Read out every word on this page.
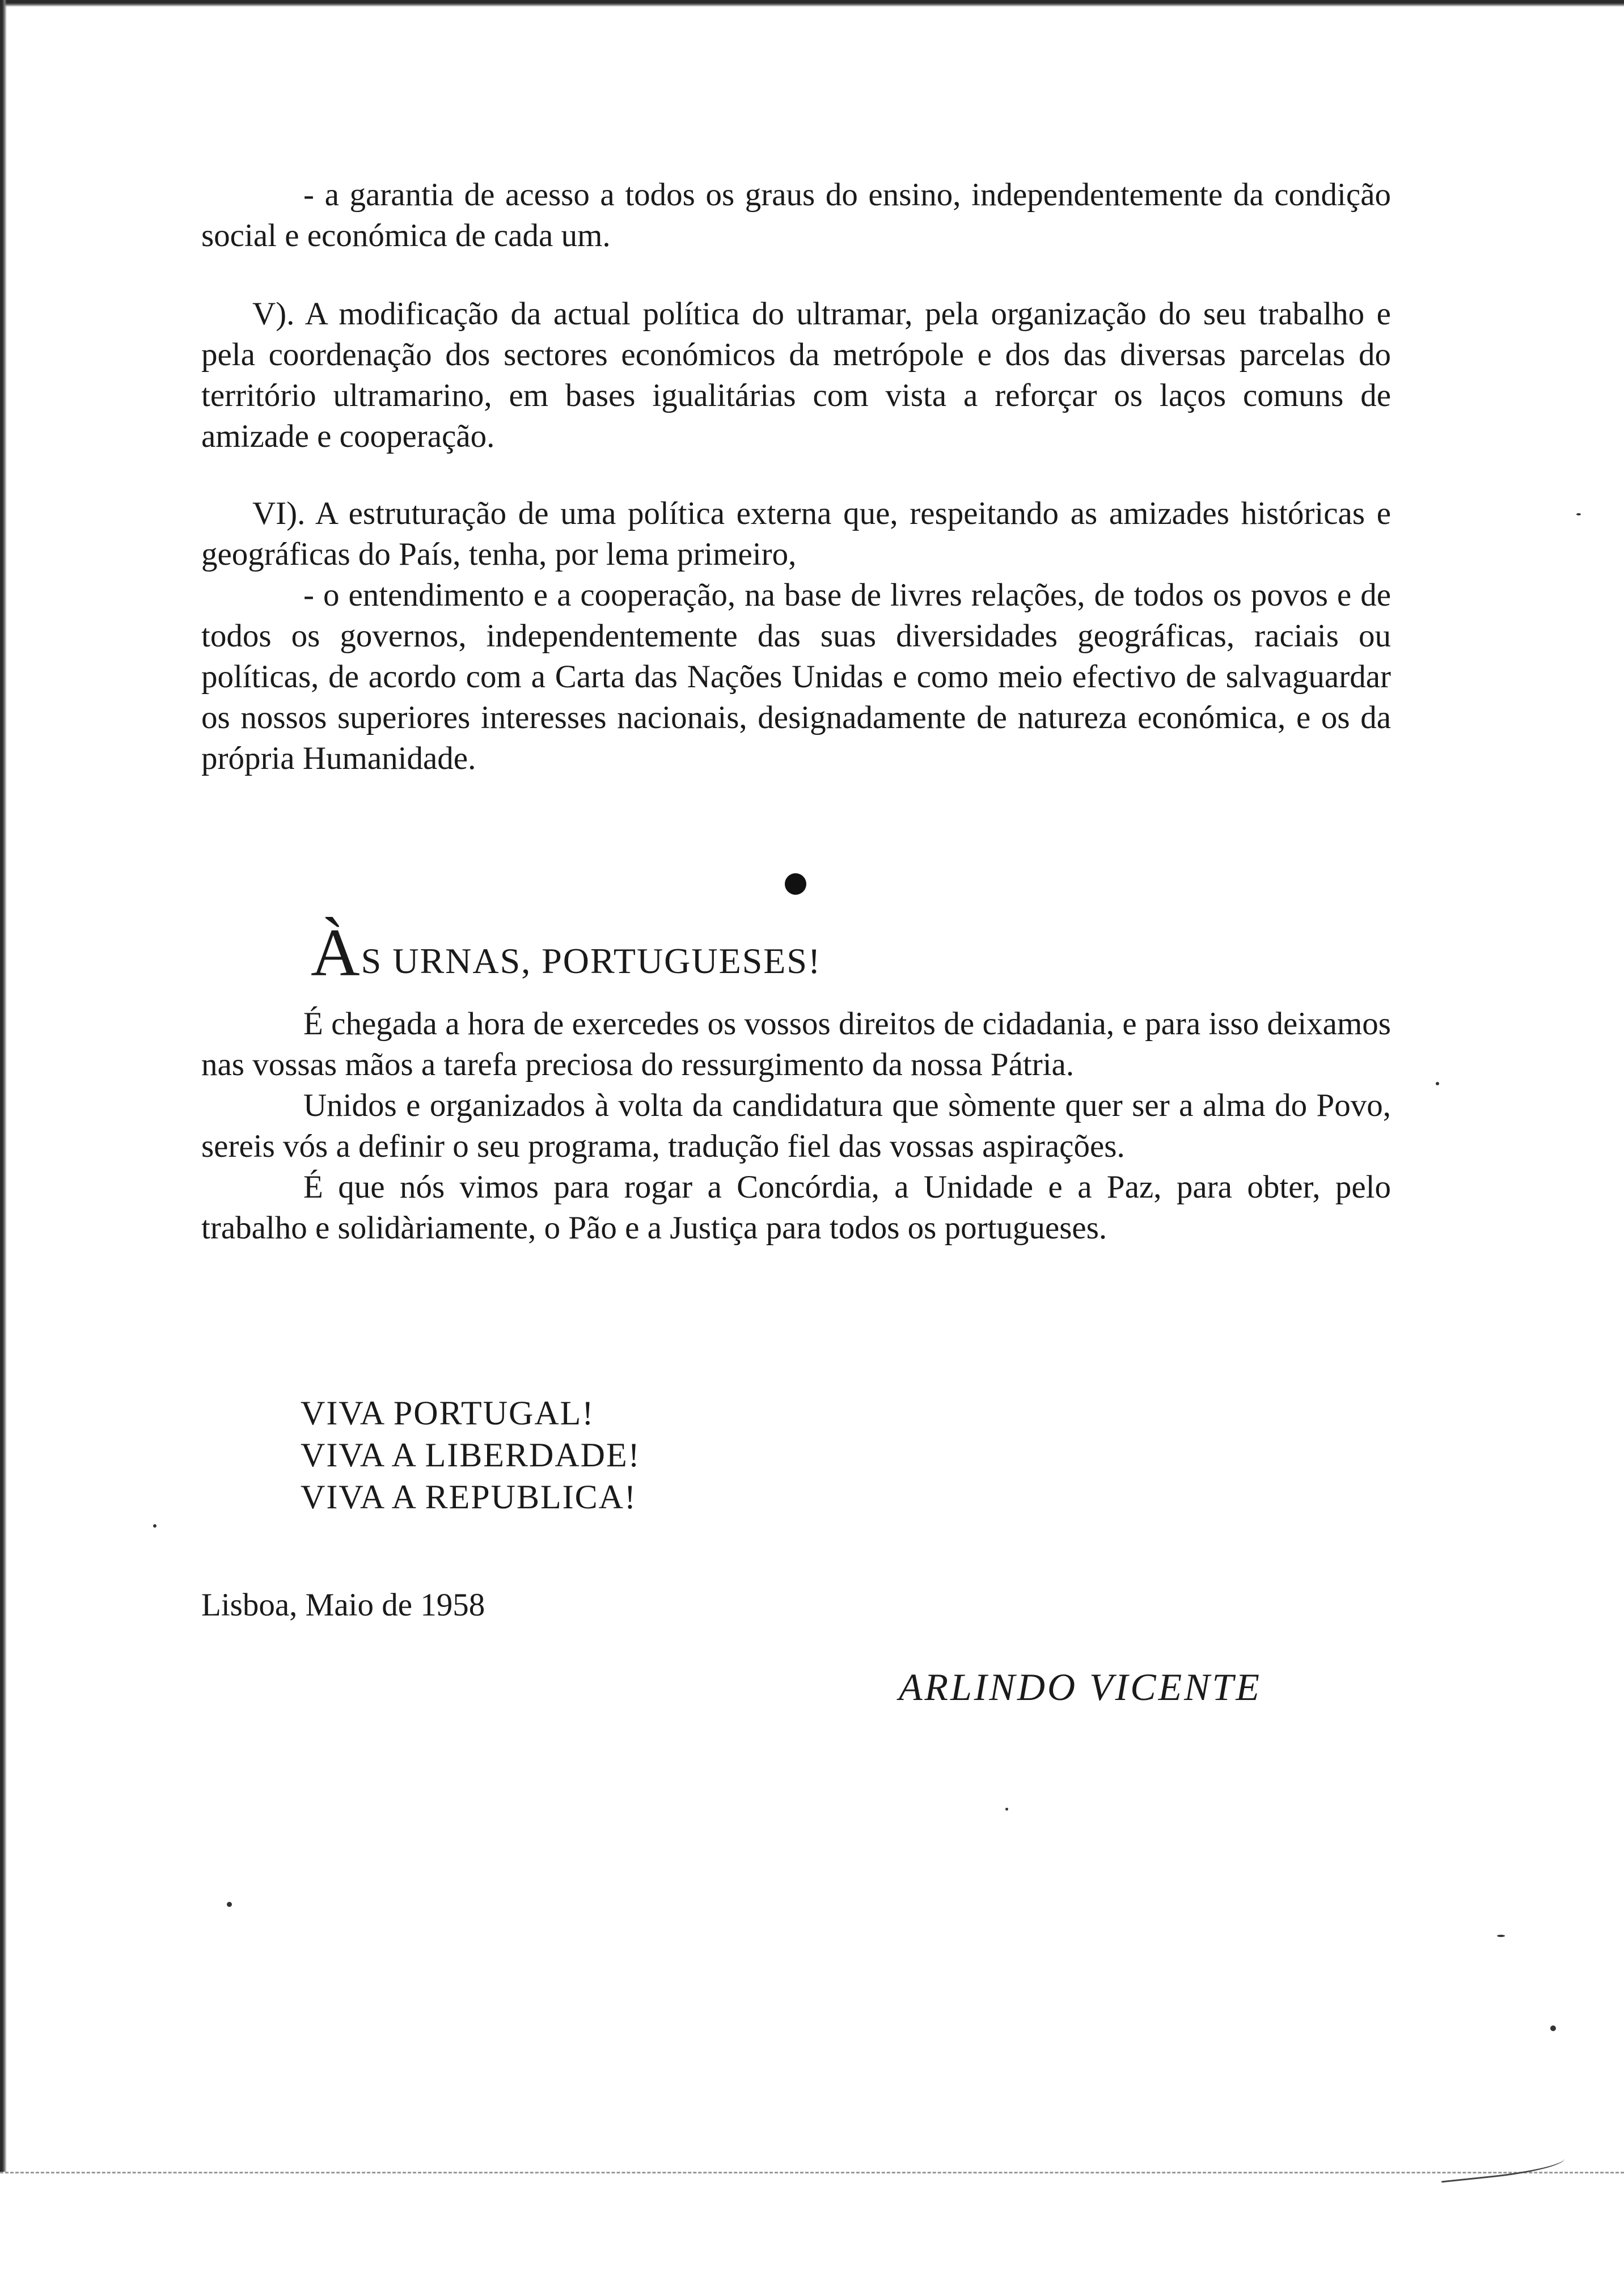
- a garantia de acesso a todos os graus do ensino, independentemente da condição social e económica de cada um.

V). A modificação da actual política do ultramar, pela organização do seu trabalho e pela coordenação dos sectores económicos da metrópole e dos das diversas parcelas do território ultramarino, em bases igualitárias com vista a reforçar os laços comuns de amizade e cooperação.

VI). A estruturação de uma política externa que, respeitando as amizades históricas e geográficas do País, tenha, por lema primeiro,

- o entendimento e a cooperação, na base de livres relações, de todos os povos e de todos os governos, independentemente das suas diversidades geográficas, raciais ou políticas, de acordo com a Carta das Nações Unidas e como meio efectivo de salvaguardar os nossos superiores interesses nacionais, designadamente de natureza económica, e os da própria Humanidade.

ÀS URNAS, PORTUGUESES!

É chegada a hora de exercedes os vossos direitos de cidadania, e para isso deixamos nas vossas mãos a tarefa preciosa do ressurgimento da nossa Pátria.

Unidos e organizados à volta da candidatura que sòmente quer ser a alma do Povo, sereis vós a definir o seu programa, tradução fiel das vossas aspirações.

É que nós vimos para rogar a Concórdia, a Unidade e a Paz, para obter, pelo trabalho e solidàriamente, o Pão e a Justiça para todos os portugueses.

VIVA PORTUGAL!
VIVA A LIBERDADE!
VIVA A REPUBLICA!
Lisboa, Maio de 1958
ARLINDO VICENTE
